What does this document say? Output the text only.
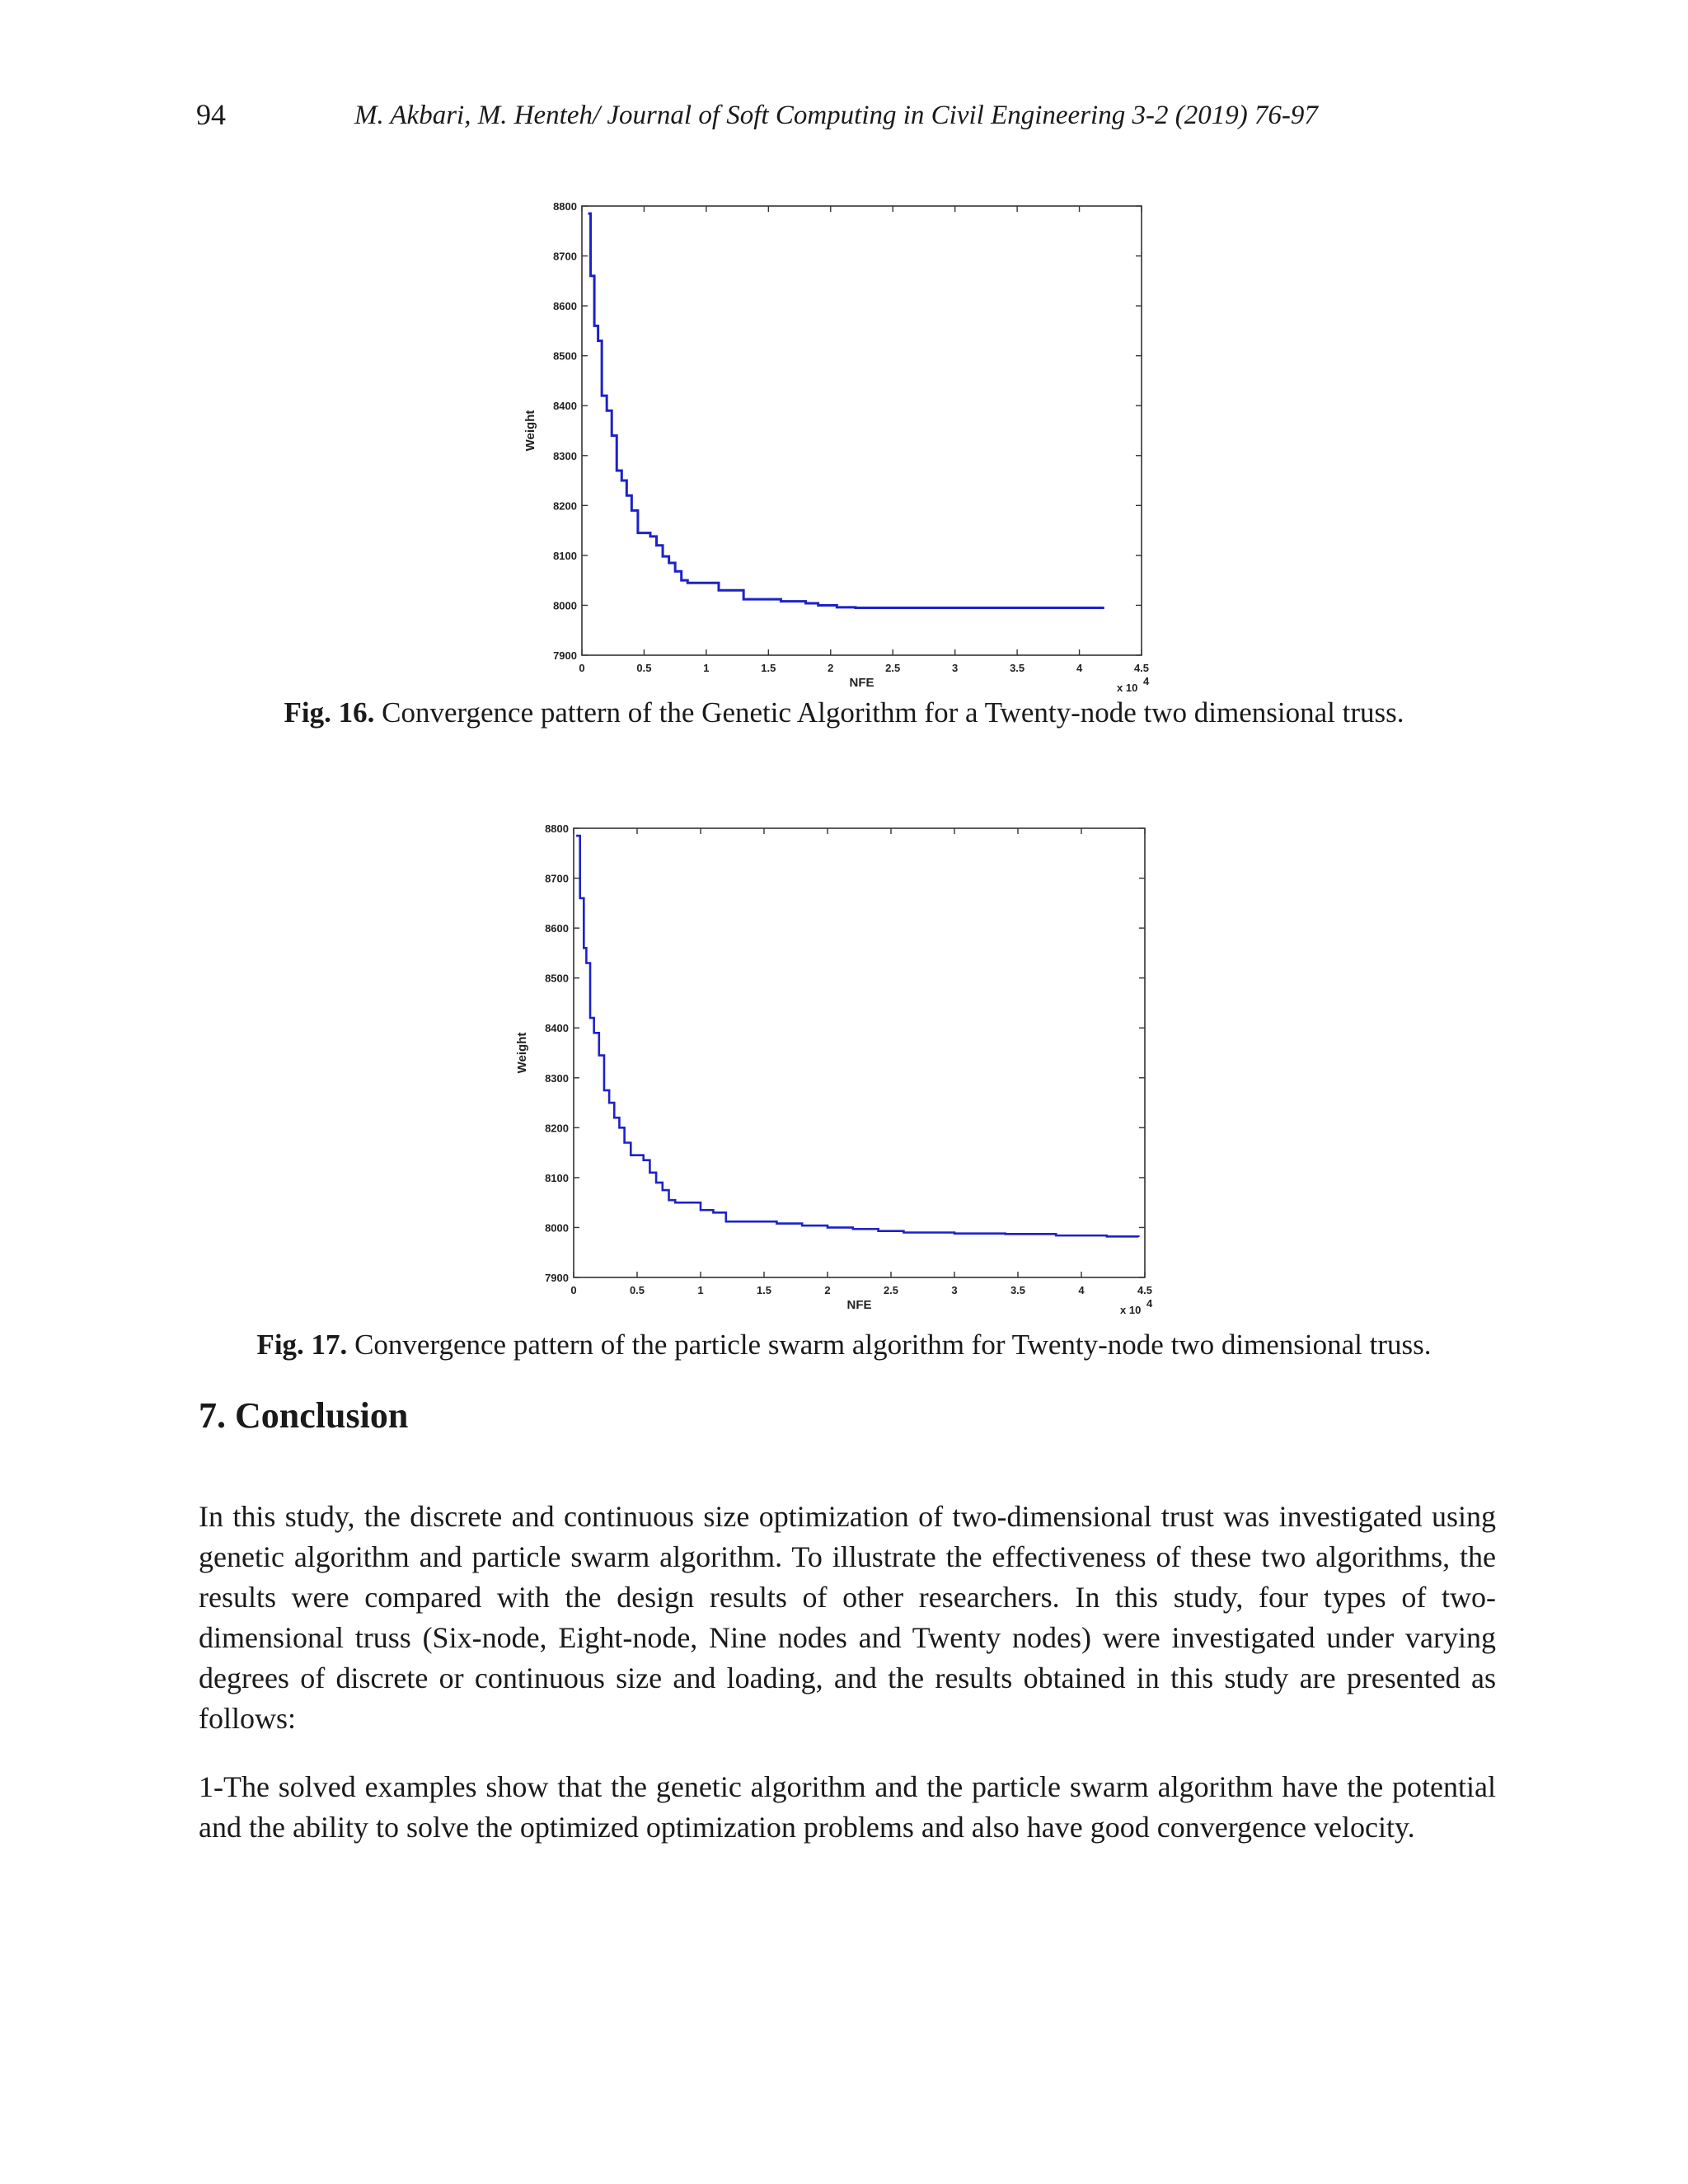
94	M. Akbari, M. Henteh/ Journal of Soft Computing in Civil Engineering 3-2 (2019) 76-97
0	0.5	1	1.5	2	2.5	3	3.5	4	4.5
7900
8000
8100
8200
8300
8400
8500
8600
8700
8800
NFE
Weight
x 10
4
Fig. 16. Convergence pattern of the Genetic Algorithm for a Twenty-node two dimensional truss.
0	0.5	1	1.5	2	2.5	3	3.5	4	4.5
7900
8000
8100
8200
8300
8400
8500
8600
8700
8800
NFE
Weight
x 10
4
Fig. 17. Convergence pattern of the particle swarm algorithm for Twenty-node two dimensional truss.
7. Conclusion

In this study, the discrete and continuous size optimization of two-dimensional trust was investigated using genetic algorithm and particle swarm algorithm. To illustrate the effectiveness of these two algorithms, the results were compared with the design results of other researchers. In this study, four types of two-dimensional truss (Six-node, Eight-node, Nine nodes and Twenty nodes) were investigated under varying degrees of discrete or continuous size and loading, and the results obtained in this study are presented as follows:

1-The solved examples show that the genetic algorithm and the particle swarm algorithm have the potential and the ability to solve the optimized optimization problems and also have good convergence velocity.
